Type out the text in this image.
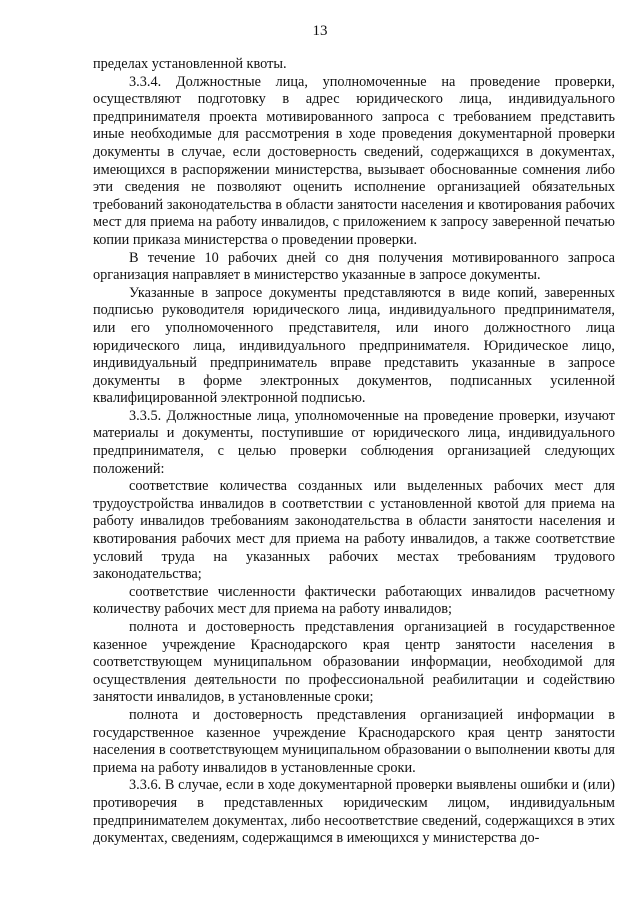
13

пределах установленной квоты.

3.3.4. Должностные лица, уполномоченные на проведение проверки, осуществляют подготовку в адрес юридического лица, индивидуального предпринимателя проекта мотивированного запроса с требованием представить иные необходимые для рассмотрения в ходе проведения документарной проверки документы в случае, если достоверность сведений, содержащихся в документах, имеющихся в распоряжении министерства, вызывает обоснованные сомнения либо эти сведения не позволяют оценить исполнение организацией обязательных требований законодательства в области занятости населения и квотирования рабочих мест для приема на работу инвалидов, с приложением к запросу заверенной печатью копии приказа министерства о проведении проверки.

В течение 10 рабочих дней со дня получения мотивированного запроса организация направляет в министерство указанные в запросе документы.

Указанные в запросе документы представляются в виде копий, заверенных подписью руководителя юридического лица, индивидуального предпринимателя, или его уполномоченного представителя, или иного должностного лица юридического лица, индивидуального предпринимателя. Юридическое лицо, индивидуальный предприниматель вправе представить указанные в запросе документы в форме электронных документов, подписанных усиленной квалифицированной электронной подписью.

3.3.5. Должностные лица, уполномоченные на проведение проверки, изучают материалы и документы, поступившие от юридического лица, индивидуального предпринимателя, с целью проверки соблюдения организацией следующих положений:

соответствие количества созданных или выделенных рабочих мест для трудоустройства инвалидов в соответствии с установленной квотой для приема на работу инвалидов требованиям законодательства в области занятости населения и квотирования рабочих мест для приема на работу инвалидов, а также соответствие условий труда на указанных рабочих местах требованиям трудового законодательства;

соответствие численности фактически работающих инвалидов расчетному количеству рабочих мест для приема на работу инвалидов;

полнота и достоверность представления организацией в государственное казенное учреждение Краснодарского края центр занятости населения в соответствующем муниципальном образовании информации, необходимой для осуществления деятельности по профессиональной реабилитации и содействию занятости инвалидов, в установленные сроки;

полнота и достоверность представления организацией информации в государственное казенное учреждение Краснодарского края центр занятости населения в соответствующем муниципальном образовании о выполнении квоты для приема на работу инвалидов в установленные сроки.

3.3.6. В случае, если в ходе документарной проверки выявлены ошибки и (или) противоречия в представленных юридическим лицом, индивидуальным предпринимателем документах, либо несоответствие сведений, содержащихся в этих документах, сведениям, содержащимся в имеющихся у министерства до-
